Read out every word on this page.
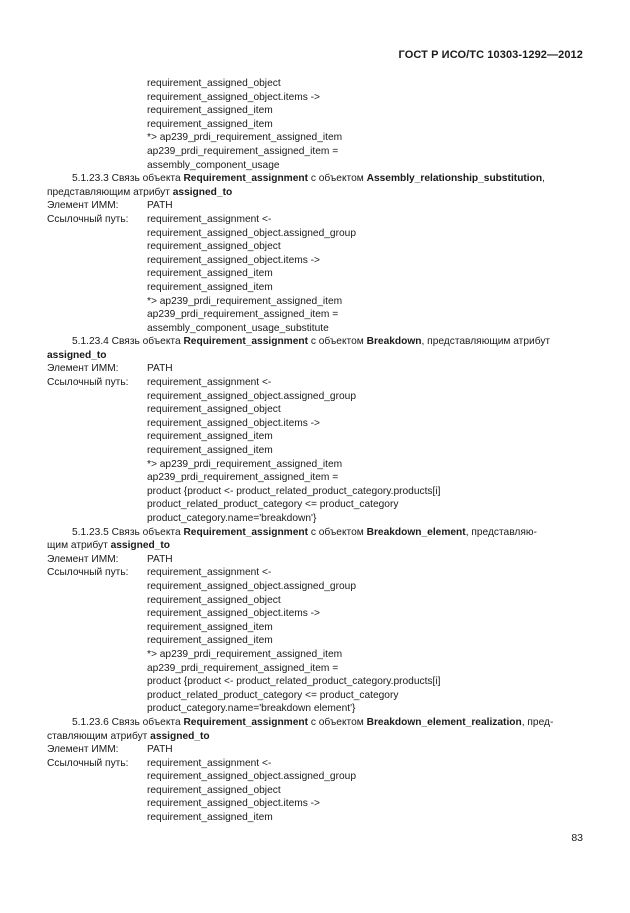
ГОСТ Р ИСО/ТС 10303-1292—2012
requirement_assigned_object
requirement_assigned_object.items ->
requirement_assigned_item
requirement_assigned_item
*> ap239_prdi_requirement_assigned_item
ap239_prdi_requirement_assigned_item =
assembly_component_usage
5.1.23.3 Связь объекта Requirement_assignment с объектом Assembly_relationship_substitution,
представляющим атрибут assigned_to
Элемент ИММ:	PATH
Ссылочный путь: requirement_assignment <-
requirement_assigned_object.assigned_group
requirement_assigned_object
requirement_assigned_object.items ->
requirement_assigned_item
requirement_assigned_item
*> ap239_prdi_requirement_assigned_item
ap239_prdi_requirement_assigned_item =
assembly_component_usage_substitute
5.1.23.4 Связь объекта Requirement_assignment с объектом Breakdown, представляющим атрибут
assigned_to
Элемент ИММ:	PATH
Ссылочный путь: requirement_assignment <-
requirement_assigned_object.assigned_group
requirement_assigned_object
requirement_assigned_object.items ->
requirement_assigned_item
requirement_assigned_item
*> ap239_prdi_requirement_assigned_item
ap239_prdi_requirement_assigned_item =
product {product <- product_related_product_category.products[i]
product_related_product_category <= product_category
product_category.name='breakdown'}
5.1.23.5 Связь объекта Requirement_assignment с объектом Breakdown_element, представляю-
щим атрибут assigned_to
Элемент ИММ:	PATH
Ссылочный путь: requirement_assignment <-
requirement_assigned_object.assigned_group
requirement_assigned_object
requirement_assigned_object.items ->
requirement_assigned_item
requirement_assigned_item
*> ap239_prdi_requirement_assigned_item
ap239_prdi_requirement_assigned_item =
product {product <- product_related_product_category.products[i]
product_related_product_category <= product_category
product_category.name='breakdown element'}
5.1.23.6 Связь объекта Requirement_assignment с объектом Breakdown_element_realization, пред-
ставляющим атрибут assigned_to
Элемент ИММ:	PATH
Ссылочный путь: requirement_assignment <-
requirement_assigned_object.assigned_group
requirement_assigned_object
requirement_assigned_object.items ->
requirement_assigned_item
83
